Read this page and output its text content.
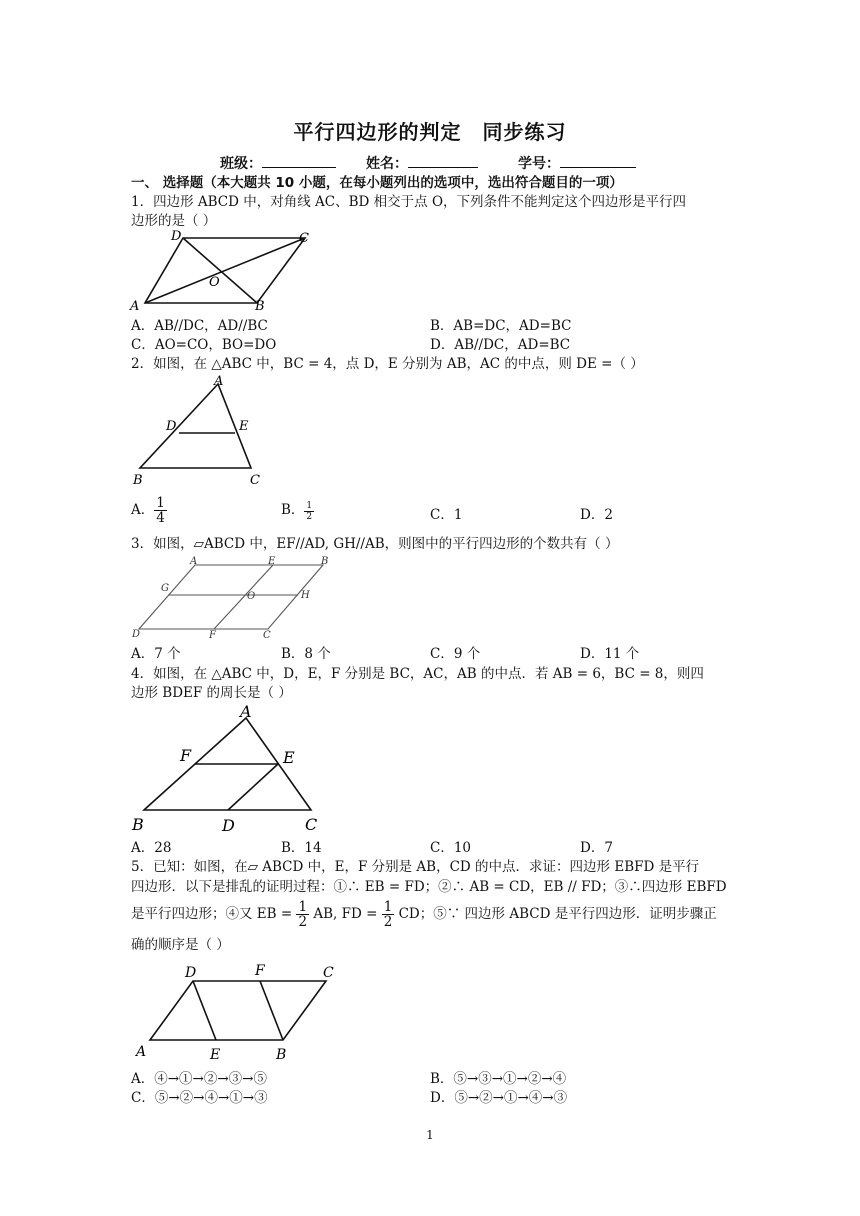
平行四边形的判定　同步练习
班级：	姓名：	学号：
一、 选择题（本大题共 10 小题，在每小题列出的选项中，选出符合题目的一项）
1．四边形 ABCD 中，对角线 AC、BD 相交于点 O，下列条件不能判定这个四边形是平行四
边形的是（ ）
D	C
O
A	B
A．AB//DC，AD//BC	B．AB=DC，AD=BC
C．AO=CO，BO=DO	D．AB//DC，AD=BC
2．如图，在 △ABC 中，BC = 4，点 D，E 分别为 AB，AC 的中点，则 DE =（ ）
A
D	E
B	C
A． $\frac{1}{4}$	B． $\frac{1}{2}$	C．1	D．2
3．如图，▱ABCD 中，EF//AD, GH//AB，则图中的平行四边形的个数共有（ ）
A	E	B
G
O	H
D	F	C
A．7 个	B．8 个	C．9 个	D．11 个
4．如图，在 △ABC 中，D，E，F 分别是 BC，AC，AB 的中点．若 AB = 6，BC = 8，则四
边形 BDEF 的周长是（ ）
A
F	E
B	D	C
A．28	B．14	C．10	D．7
5．已知：如图，在▱ ABCD 中，E，F 分别是 AB，CD 的中点．求证：四边形 EBFD 是平行
四边形．以下是排乱的证明过程：①∴ EB = FD；②∴ AB = CD，EB // FD；③∴四边形 EBFD
是平行四边形；④又 EB = $\frac{1}{2}$ AB, FD = $\frac{1}{2}$ CD；⑤∵ 四边形 ABCD 是平行四边形．证明步骤正
确的顺序是（ ）
D	F	C
A	E	B
A．④→①→②→③→⑤	B．⑤→③→①→②→④
C．⑤→②→④→①→③	D．⑤→②→①→④→③
1
